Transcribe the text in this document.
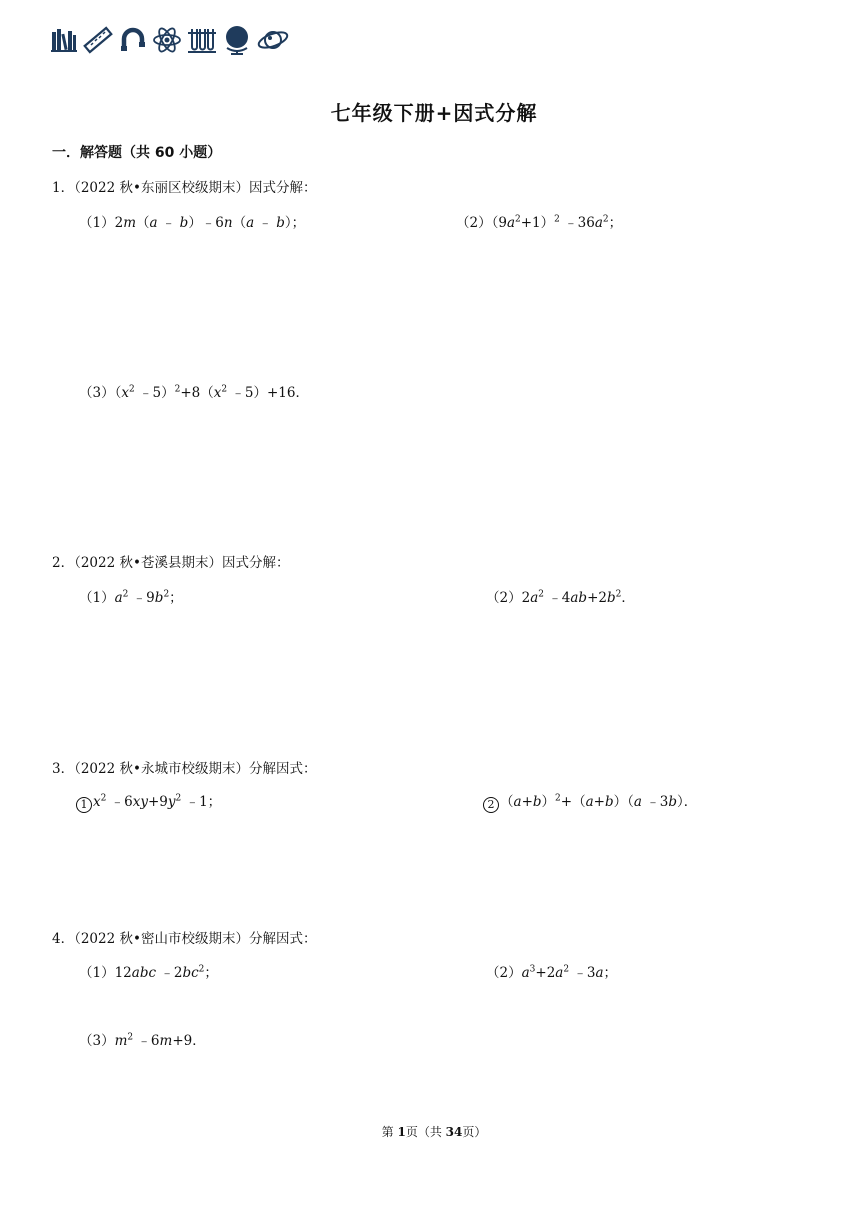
七年级下册+因式分解
一．解答题（共 60 小题）
1．（2022 秋•东丽区校级期末）因式分解：
（1）2m（a ﹣ b）﹣6n（a ﹣ b）；	$(2)(9a^2+1)^2$ $﹣36a^2$；
$(3)(x^2$ $﹣5)^2+8(x^2$ ﹣5）+16．
2．（2022 秋•苍溪县期末）因式分解：
$(1)a^2$ $﹣9b^2$；	$(2)2a^2$ $﹣4ab+2b^2$．
3．（2022 秋•永城市校级期末）分解因式：
1 $x^2$ $﹣6xy+9y^2$ ﹣1；	2 $(a+b)^2+(a+b)(a$ ﹣3b）．
4．（2022 秋•密山市校级期末）分解因式：
（1）12abc $﹣2bc^2$；	$(2)a^3+2a^2$ ﹣3a；
$(3)m^2$ ﹣6m+9．
第 1页（共 34页）
